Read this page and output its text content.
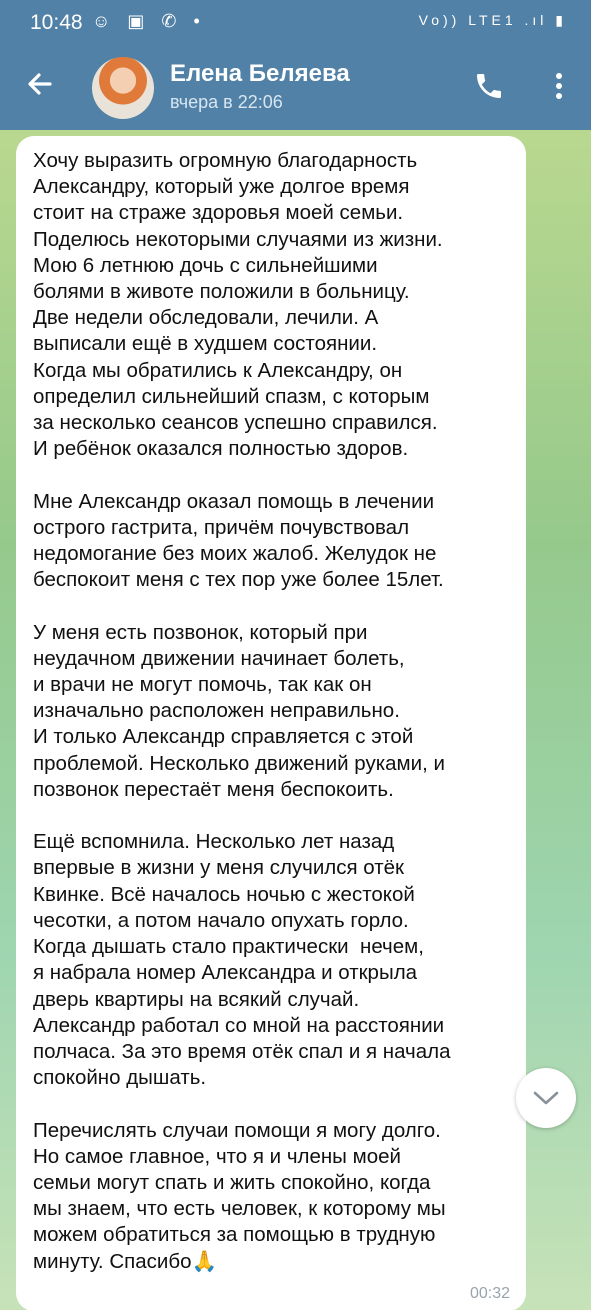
10:48 ☺ ▣ ✆ •	Vo)) LTE1 .ıl ▮
Елена Беляева
вчера в 22:06
Хочу выразить огромную благодарность
Александру, который уже долгое время
стоит на страже здоровья моей семьи.
Поделюсь некоторыми случаями из жизни.
Мою 6 летнюю дочь с сильнейшими
болями в животе положили в больницу.
Две недели обследовали, лечили. А
выписали ещё в худшем состоянии.
Когда мы обратились к Александру, он
определил сильнейший спазм, с которым
за несколько сеансов успешно справился.
И ребёнок оказался полностью здоров.

Мне Александр оказал помощь в лечении
острого гастрита, причём почувствовал
недомогание без моих жалоб. Желудок не
беспокоит меня с тех пор уже более 15лет.

У меня есть позвонок, который при
неудачном движении начинает болеть,
и врачи не могут помочь, так как он
изначально расположен неправильно.
И только Александр справляется с этой
проблемой. Несколько движений руками, и
позвонок перестаёт меня беспокоить.

Ещё вспомнила. Несколько лет назад
впервые в жизни у меня случился отёк
Квинке. Всё началось ночью с жестокой
чесотки, а потом начало опухать горло.
Когда дышать стало практически  нечем,
я набрала номер Александра и открыла
дверь квартиры на всякий случай.
Александр работал со мной на расстоянии
полчаса. За это время отёк спал и я начала
спокойно дышать.

Перечислять случаи помощи я могу долго.
Но самое главное, что я и члены моей
семьи могут спать и жить спокойно, когда
мы знаем, что есть человек, к которому мы
можем обратиться за помощью в трудную
минуту. Спасибо🙏
00:32
